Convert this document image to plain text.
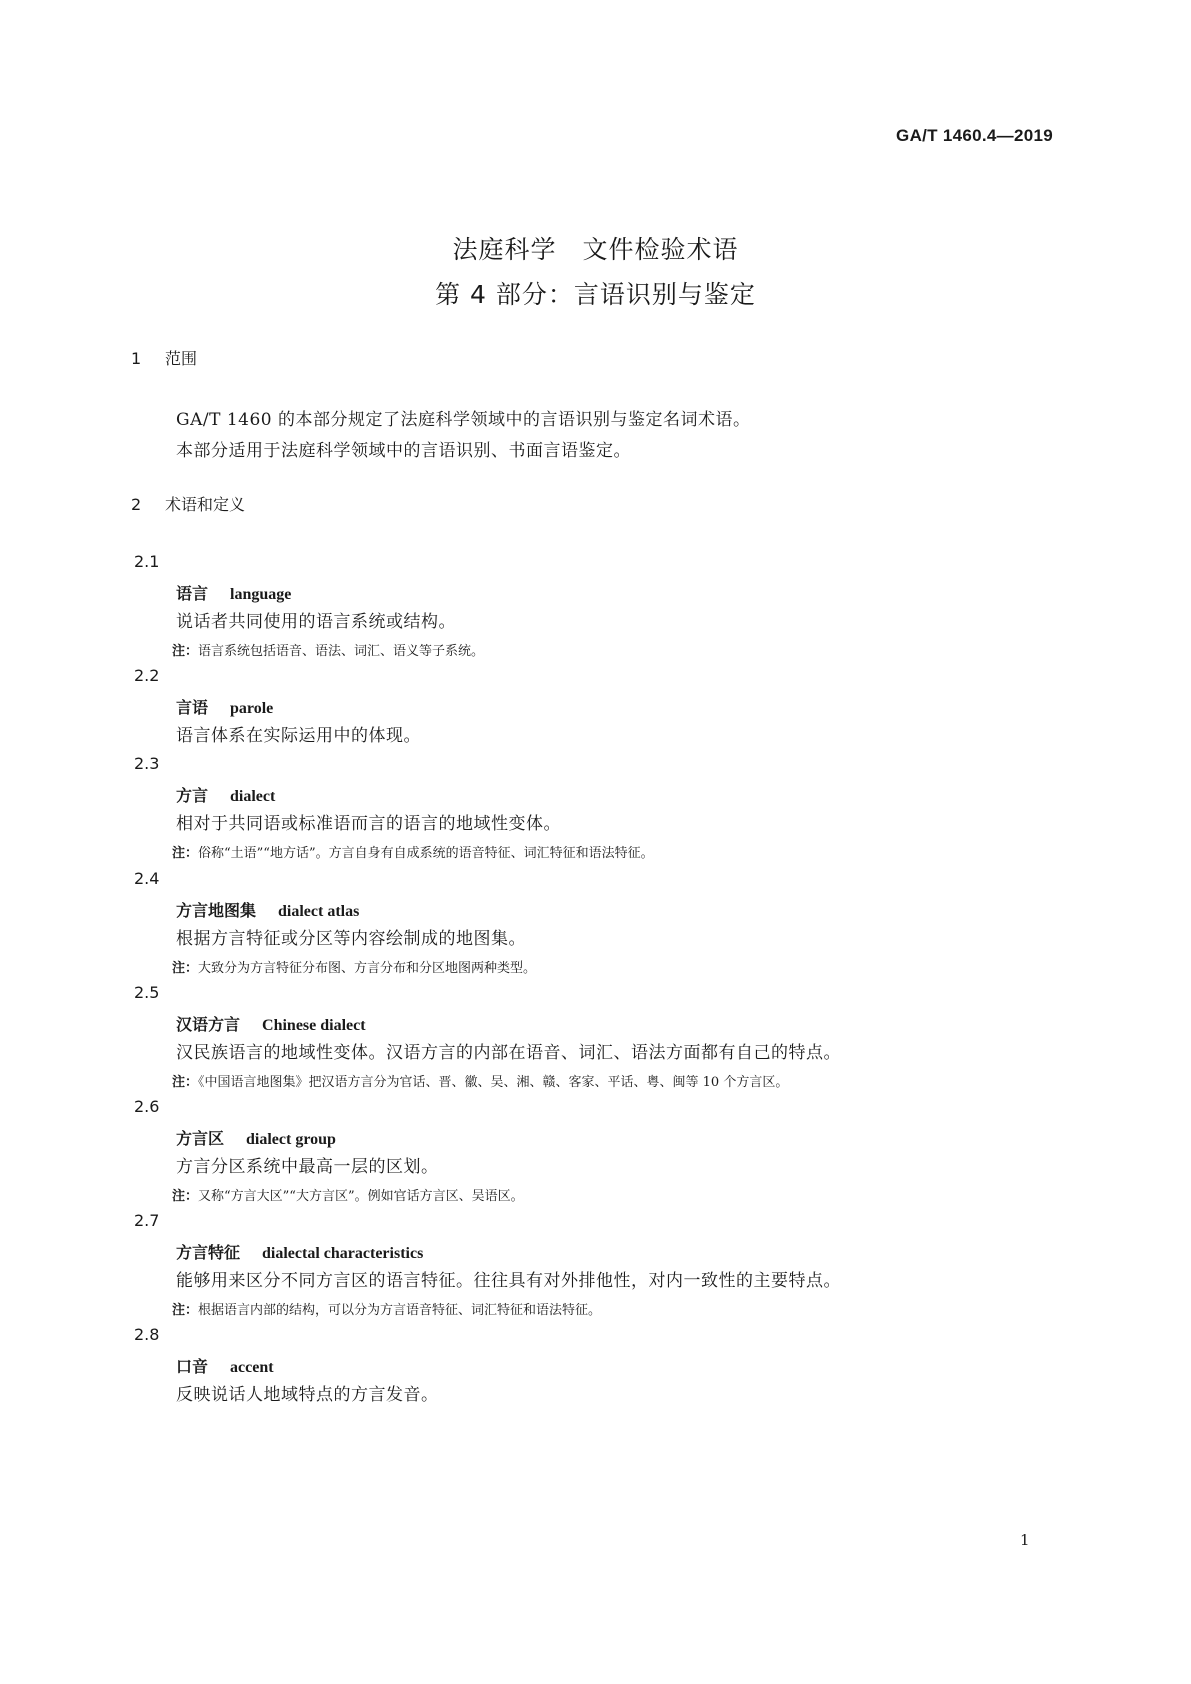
GA/T 1460.4—2019
法庭科学　文件检验术语
第 4 部分：言语识别与鉴定
1 范围
GA/T 1460 的本部分规定了法庭科学领域中的言语识别与鉴定名词术语。
本部分适用于法庭科学领域中的言语识别、书面言语鉴定。
2 术语和定义
2.1
语言 language
说话者共同使用的语言系统或结构。
注：语言系统包括语音、语法、词汇、语义等子系统。
2.2
言语 parole
语言体系在实际运用中的体现。
2.3
方言 dialect
相对于共同语或标准语而言的语言的地域性变体。
注：俗称“土语”“地方话”。方言自身有自成系统的语音特征、词汇特征和语法特征。
2.4
方言地图集 dialect atlas
根据方言特征或分区等内容绘制成的地图集。
注：大致分为方言特征分布图、方言分布和分区地图两种类型。
2.5
汉语方言 Chinese dialect
汉民族语言的地域性变体。汉语方言的内部在语音、词汇、语法方面都有自己的特点。
注：《中国语言地图集》把汉语方言分为官话、晋、徽、吴、湘、赣、客家、平话、粤、闽等 10 个方言区。
2.6
方言区 dialect group
方言分区系统中最高一层的区划。
注：又称“方言大区”“大方言区”。例如官话方言区、吴语区。
2.7
方言特征 dialectal characteristics
能够用来区分不同方言区的语言特征。往往具有对外排他性，对内一致性的主要特点。
注：根据语言内部的结构，可以分为方言语音特征、词汇特征和语法特征。
2.8
口音 accent
反映说话人地域特点的方言发音。
1
